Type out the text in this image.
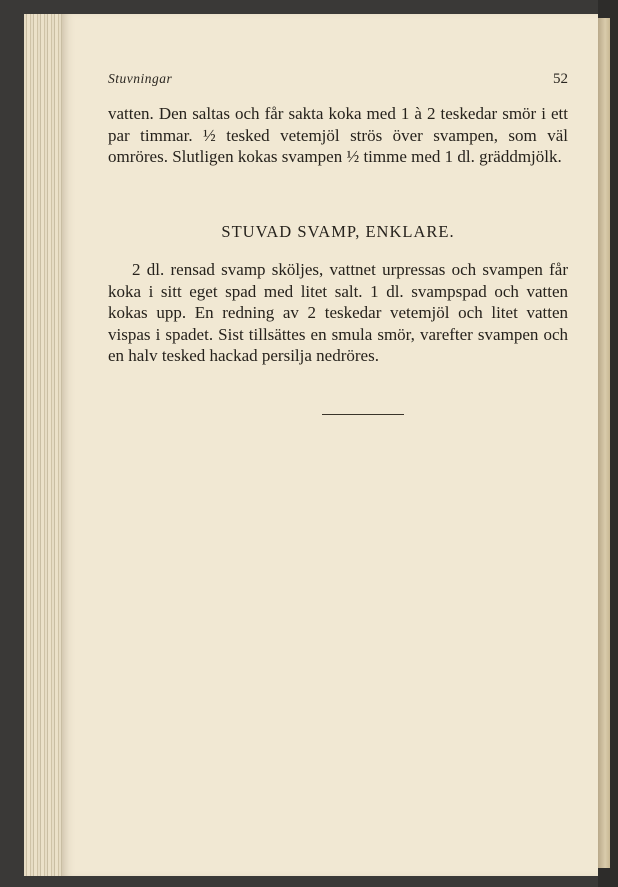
Stuvningar	52

vatten. Den saltas och får sakta koka med 1 à 2 teskedar smör i ett par timmar. ½ tesked vetemjöl strös över svampen, som väl omröres. Slutligen kokas svampen ½ timme med 1 dl. gräddmjölk.

STUVAD SVAMP, ENKLARE.

2 dl. rensad svamp sköljes, vattnet urpressas och svampen får koka i sitt eget spad med litet salt. 1 dl. svampspad och vatten kokas upp. En redning av 2 teskedar vetemjöl och litet vatten vispas i spadet. Sist tillsättes en smula smör, varefter svampen och en halv tesked hackad persilja nedröres.
